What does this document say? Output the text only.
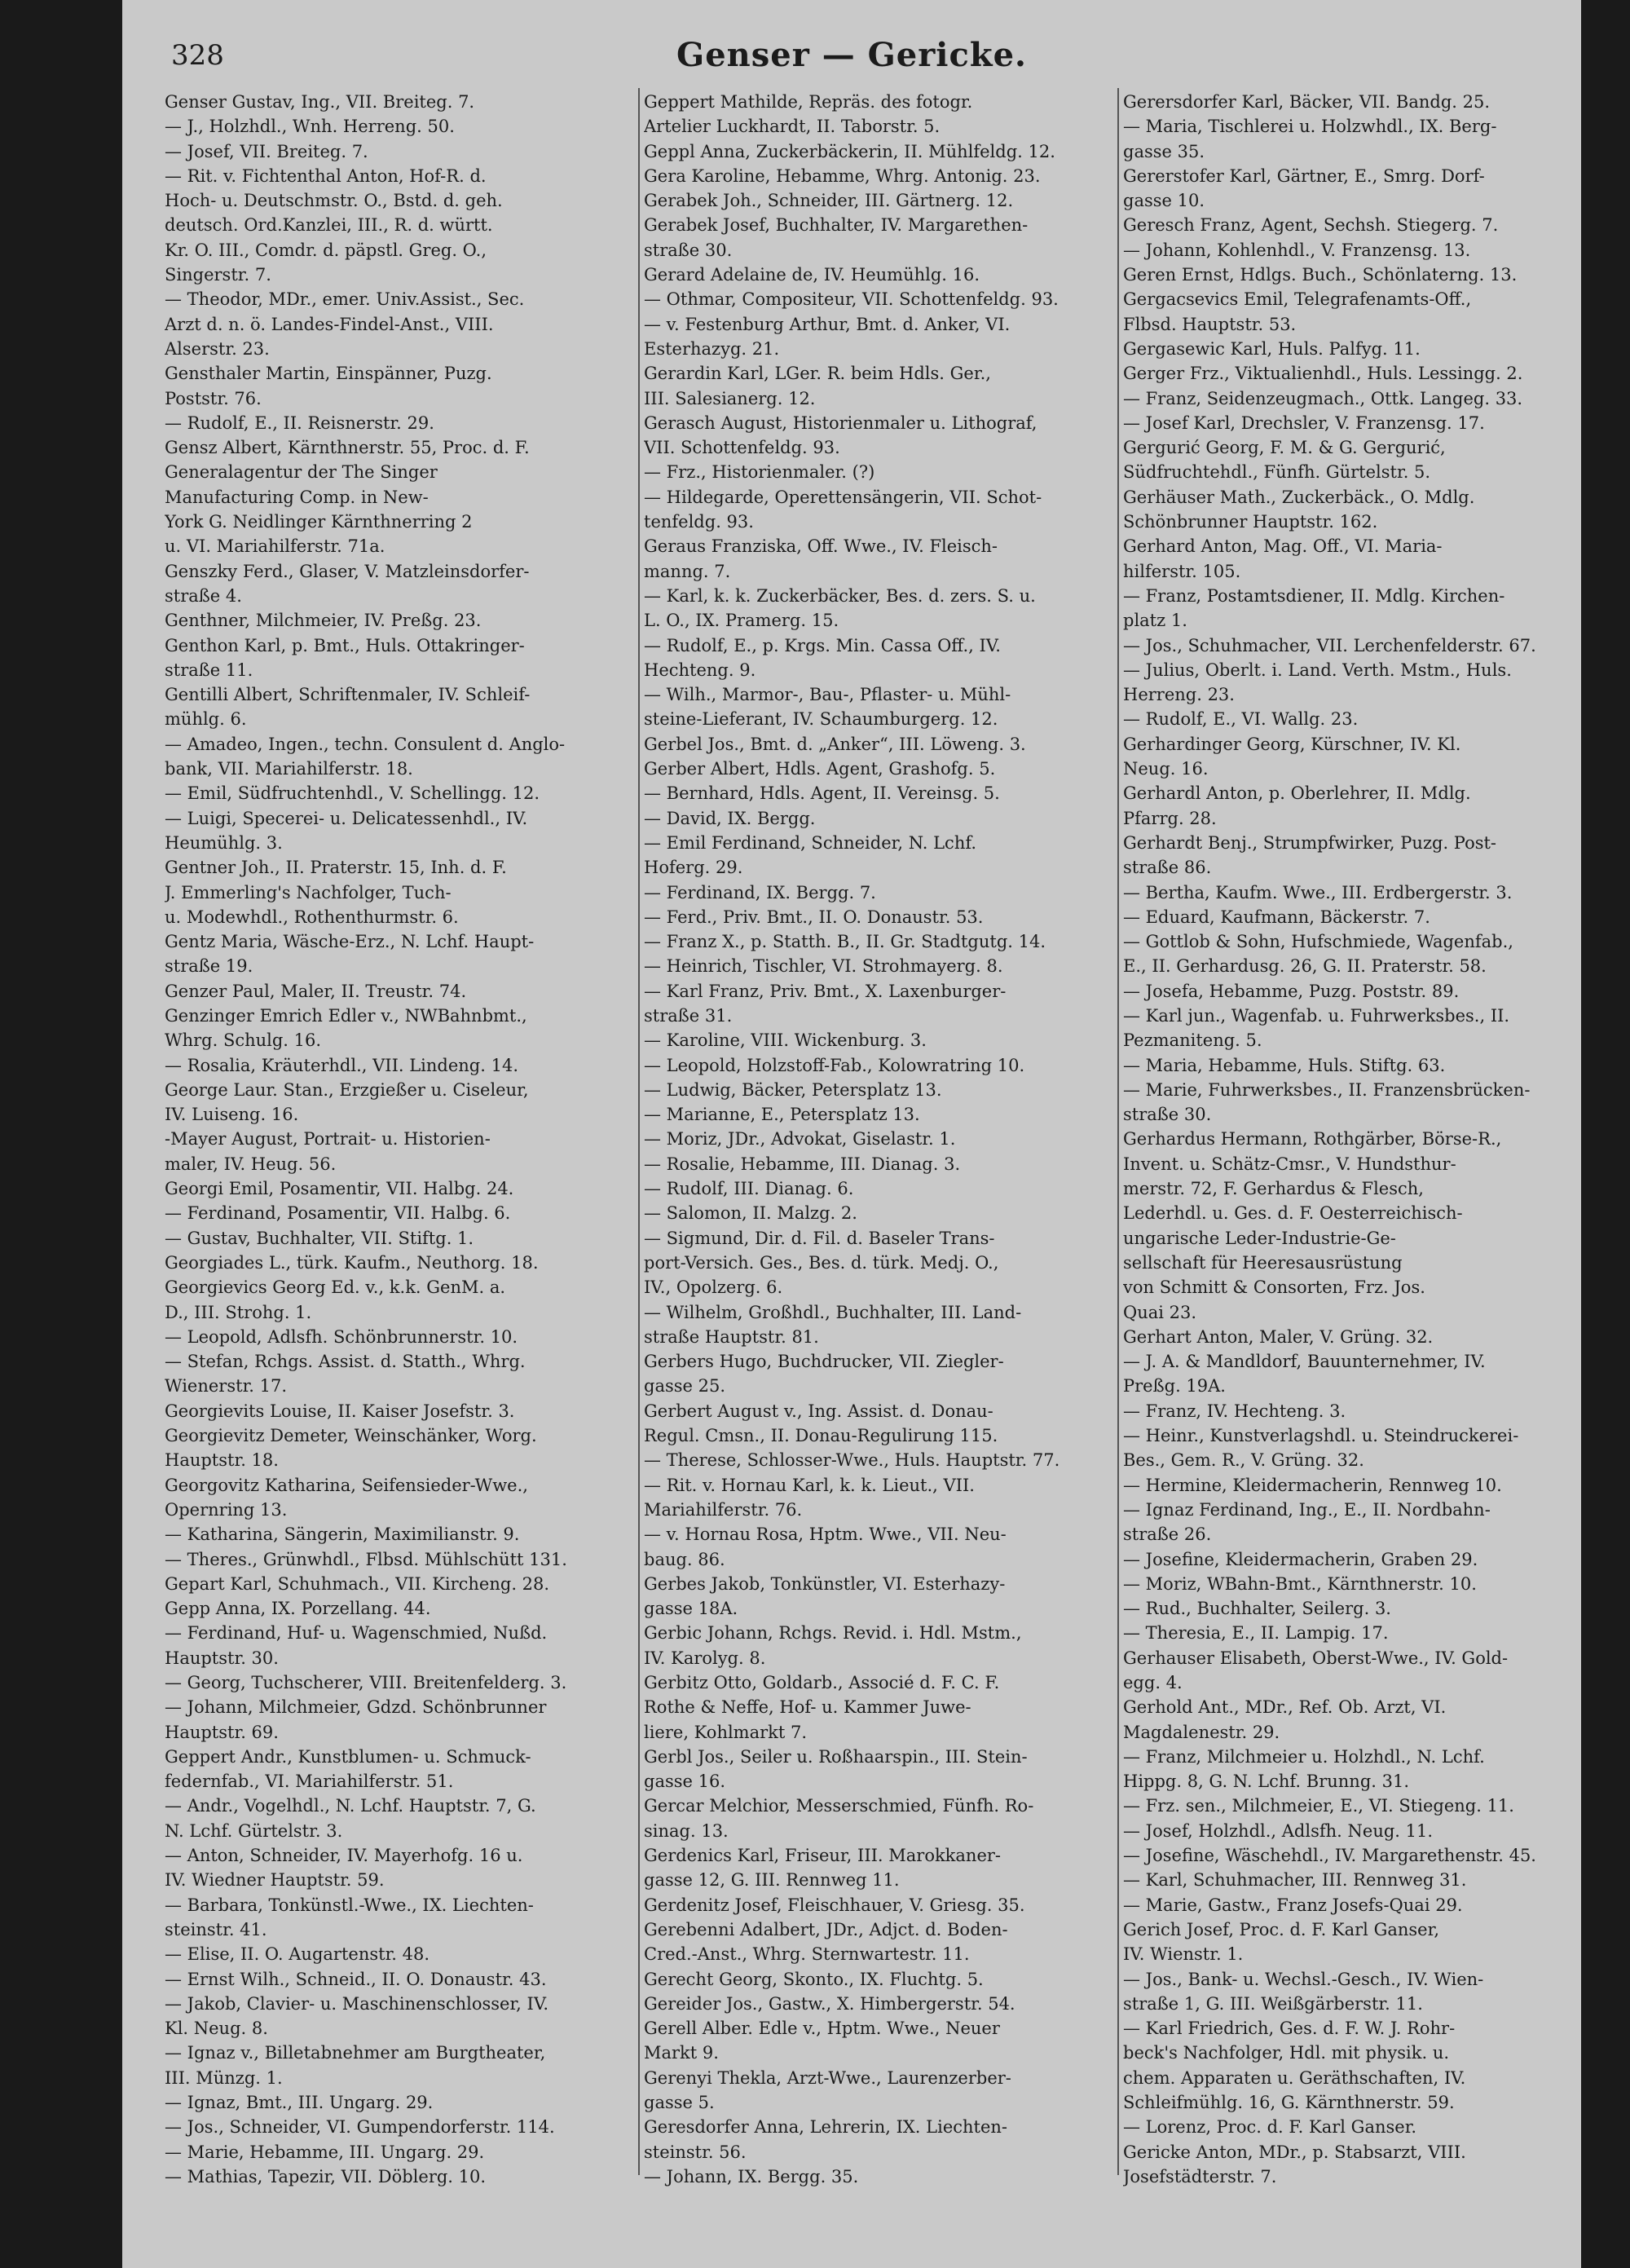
328	Genser — Gericke.
Genser Gustav, Ing., VII. Breiteg. 7.
— J., Holzhdl., Wnh. Herreng. 50.
— Josef, VII. Breiteg. 7.
— Rit. v. Fichtenthal Anton, Hof-R. d.
Hoch- u. Deutschmstr. O., Bstd. d. geh.
deutsch. Ord.Kanzlei, III., R. d. württ.
Kr. O. III., Comdr. d. päpstl. Greg. O.,
Singerstr. 7.
— Theodor, MDr., emer. Univ.Assist., Sec.
Arzt d. n. ö. Landes-Findel-Anst., VIII.
Alserstr. 23.
Gensthaler Martin, Einspänner, Puzg.
Poststr. 76.
— Rudolf, E., II. Reisnerstr. 29.
Gensz Albert, Kärnthnerstr. 55, Proc. d. F.
Generalagentur der The Singer
Manufacturing Comp. in New-
York G. Neidlinger Kärnthnerring 2
u. VI. Mariahilferstr. 71a.
Genszky Ferd., Glaser, V. Matzleinsdorfer-
straße 4.
Genthner, Milchmeier, IV. Preßg. 23.
Genthon Karl, p. Bmt., Huls. Ottakringer-
straße 11.
Gentilli Albert, Schriftenmaler, IV. Schleif-
mühlg. 6.
— Amadeo, Ingen., techn. Consulent d. Anglo-
bank, VII. Mariahilferstr. 18.
— Emil, Südfruchtenhdl., V. Schellingg. 12.
— Luigi, Specerei- u. Delicatessenhdl., IV.
Heumühlg. 3.
Gentner Joh., II. Praterstr. 15, Inh. d. F.
J. Emmerling's Nachfolger, Tuch-
u. Modewhdl., Rothenthurmstr. 6.
Gentz Maria, Wäsche-Erz., N. Lchf. Haupt-
straße 19.
Genzer Paul, Maler, II. Treustr. 74.
Genzinger Emrich Edler v., NWBahnbmt.,
Whrg. Schulg. 16.
— Rosalia, Kräuterhdl., VII. Lindeng. 14.
George Laur. Stan., Erzgießer u. Ciseleur,
IV. Luiseng. 16.
-Mayer August, Portrait- u. Historien-
maler, IV. Heug. 56.
Georgi Emil, Posamentir, VII. Halbg. 24.
— Ferdinand, Posamentir, VII. Halbg. 6.
— Gustav, Buchhalter, VII. Stiftg. 1.
Georgiades L., türk. Kaufm., Neuthorg. 18.
Georgievics Georg Ed. v., k.k. GenM. a.
D., III. Strohg. 1.
— Leopold, Adlsfh. Schönbrunnerstr. 10.
— Stefan, Rchgs. Assist. d. Statth., Whrg.
Wienerstr. 17.
Georgievits Louise, II. Kaiser Josefstr. 3.
Georgievitz Demeter, Weinschänker, Worg.
Hauptstr. 18.
Georgovitz Katharina, Seifensieder-Wwe.,
Opernring 13.
— Katharina, Sängerin, Maximilianstr. 9.
— Theres., Grünwhdl., Flbsd. Mühlschütt 131.
Gepart Karl, Schuhmach., VII. Kircheng. 28.
Gepp Anna, IX. Porzellang. 44.
— Ferdinand, Huf- u. Wagenschmied, Nußd.
Hauptstr. 30.
— Georg, Tuchscherer, VIII. Breitenfelderg. 3.
— Johann, Milchmeier, Gdzd. Schönbrunner
Hauptstr. 69.
Geppert Andr., Kunstblumen- u. Schmuck-
federnfab., VI. Mariahilferstr. 51.
— Andr., Vogelhdl., N. Lchf. Hauptstr. 7, G.
N. Lchf. Gürtelstr. 3.
— Anton, Schneider, IV. Mayerhofg. 16 u.
IV. Wiedner Hauptstr. 59.
— Barbara, Tonkünstl.-Wwe., IX. Liechten-
steinstr. 41.
— Elise, II. O. Augartenstr. 48.
— Ernst Wilh., Schneid., II. O. Donaustr. 43.
— Jakob, Clavier- u. Maschinenschlosser, IV.
Kl. Neug. 8.
— Ignaz v., Billetabnehmer am Burgtheater,
III. Münzg. 1.
— Ignaz, Bmt., III. Ungarg. 29.
— Jos., Schneider, VI. Gumpendorferstr. 114.
— Marie, Hebamme, III. Ungarg. 29.
— Mathias, Tapezir, VII. Döblerg. 10.
Geppert Mathilde, Repräs. des fotogr.
Artelier Luckhardt, II. Taborstr. 5.
Geppl Anna, Zuckerbäckerin, II. Mühlfeldg. 12.
Gera Karoline, Hebamme, Whrg. Antonig. 23.
Gerabek Joh., Schneider, III. Gärtnerg. 12.
Gerabek Josef, Buchhalter, IV. Margarethen-
straße 30.
Gerard Adelaine de, IV. Heumühlg. 16.
— Othmar, Compositeur, VII. Schottenfeldg. 93.
— v. Festenburg Arthur, Bmt. d. Anker, VI.
Esterhazyg. 21.
Gerardin Karl, LGer. R. beim Hdls. Ger.,
III. Salesianerg. 12.
Gerasch August, Historienmaler u. Lithograf,
VII. Schottenfeldg. 93.
— Frz., Historienmaler. (?)
— Hildegarde, Operettensängerin, VII. Schot-
tenfeldg. 93.
Geraus Franziska, Off. Wwe., IV. Fleisch-
manng. 7.
— Karl, k. k. Zuckerbäcker, Bes. d. zers. S. u.
L. O., IX. Pramerg. 15.
— Rudolf, E., p. Krgs. Min. Cassa Off., IV.
Hechteng. 9.
— Wilh., Marmor-, Bau-, Pflaster- u. Mühl-
steine-Lieferant, IV. Schaumburgerg. 12.
Gerbel Jos., Bmt. d. „Anker“, III. Löweng. 3.
Gerber Albert, Hdls. Agent, Grashofg. 5.
— Bernhard, Hdls. Agent, II. Vereinsg. 5.
— David, IX. Bergg.
— Emil Ferdinand, Schneider, N. Lchf.
Hoferg. 29.
— Ferdinand, IX. Bergg. 7.
— Ferd., Priv. Bmt., II. O. Donaustr. 53.
— Franz X., p. Statth. B., II. Gr. Stadtgutg. 14.
— Heinrich, Tischler, VI. Strohmayerg. 8.
— Karl Franz, Priv. Bmt., X. Laxenburger-
straße 31.
— Karoline, VIII. Wickenburg. 3.
— Leopold, Holzstoff-Fab., Kolowratring 10.
— Ludwig, Bäcker, Petersplatz 13.
— Marianne, E., Petersplatz 13.
— Moriz, JDr., Advokat, Giselastr. 1.
— Rosalie, Hebamme, III. Dianag. 3.
— Rudolf, III. Dianag. 6.
— Salomon, II. Malzg. 2.
— Sigmund, Dir. d. Fil. d. Baseler Trans-
port-Versich. Ges., Bes. d. türk. Medj. O.,
IV., Opolzerg. 6.
— Wilhelm, Großhdl., Buchhalter, III. Land-
straße Hauptstr. 81.
Gerbers Hugo, Buchdrucker, VII. Ziegler-
gasse 25.
Gerbert August v., Ing. Assist. d. Donau-
Regul. Cmsn., II. Donau-Regulirung 115.
— Therese, Schlosser-Wwe., Huls. Hauptstr. 77.
— Rit. v. Hornau Karl, k. k. Lieut., VII.
Mariahilferstr. 76.
— v. Hornau Rosa, Hptm. Wwe., VII. Neu-
baug. 86.
Gerbes Jakob, Tonkünstler, VI. Esterhazy-
gasse 18A.
Gerbic Johann, Rchgs. Revid. i. Hdl. Mstm.,
IV. Karolyg. 8.
Gerbitz Otto, Goldarb., Associé d. F. C. F.
Rothe & Neffe, Hof- u. Kammer Juwe-
liere, Kohlmarkt 7.
Gerbl Jos., Seiler u. Roßhaarspin., III. Stein-
gasse 16.
Gercar Melchior, Messerschmied, Fünfh. Ro-
sinag. 13.
Gerdenics Karl, Friseur, III. Marokkaner-
gasse 12, G. III. Rennweg 11.
Gerdenitz Josef, Fleischhauer, V. Griesg. 35.
Gerebenni Adalbert, JDr., Adjct. d. Boden-
Cred.-Anst., Whrg. Sternwartestr. 11.
Gerecht Georg, Skonto., IX. Fluchtg. 5.
Gereider Jos., Gastw., X. Himbergerstr. 54.
Gerell Alber. Edle v., Hptm. Wwe., Neuer
Markt 9.
Gerenyi Thekla, Arzt-Wwe., Laurenzerber-
gasse 5.
Geresdorfer Anna, Lehrerin, IX. Liechten-
steinstr. 56.
— Johann, IX. Bergg. 35.
Gerersdorfer Karl, Bäcker, VII. Bandg. 25.
— Maria, Tischlerei u. Holzwhdl., IX. Berg-
gasse 35.
Gererstofer Karl, Gärtner, E., Smrg. Dorf-
gasse 10.
Geresch Franz, Agent, Sechsh. Stiegerg. 7.
— Johann, Kohlenhdl., V. Franzensg. 13.
Geren Ernst, Hdlgs. Buch., Schönlaterng. 13.
Gergacsevics Emil, Telegrafenamts-Off.,
Flbsd. Hauptstr. 53.
Gergasewic Karl, Huls. Palfyg. 11.
Gerger Frz., Viktualienhdl., Huls. Lessingg. 2.
— Franz, Seidenzeugmach., Ottk. Langeg. 33.
— Josef Karl, Drechsler, V. Franzensg. 17.
Gergurić Georg, F. M. & G. Gergurić,
Südfruchtehdl., Fünfh. Gürtelstr. 5.
Gerhäuser Math., Zuckerbäck., O. Mdlg.
Schönbrunner Hauptstr. 162.
Gerhard Anton, Mag. Off., VI. Maria-
hilferstr. 105.
— Franz, Postamtsdiener, II. Mdlg. Kirchen-
platz 1.
— Jos., Schuhmacher, VII. Lerchenfelderstr. 67.
— Julius, Oberlt. i. Land. Verth. Mstm., Huls.
Herreng. 23.
— Rudolf, E., VI. Wallg. 23.
Gerhardinger Georg, Kürschner, IV. Kl.
Neug. 16.
Gerhardl Anton, p. Oberlehrer, II. Mdlg.
Pfarrg. 28.
Gerhardt Benj., Strumpfwirker, Puzg. Post-
straße 86.
— Bertha, Kaufm. Wwe., III. Erdbergerstr. 3.
— Eduard, Kaufmann, Bäckerstr. 7.
— Gottlob & Sohn, Hufschmiede, Wagenfab.,
E., II. Gerhardusg. 26, G. II. Praterstr. 58.
— Josefa, Hebamme, Puzg. Poststr. 89.
— Karl jun., Wagenfab. u. Fuhrwerksbes., II.
Pezmaniteng. 5.
— Maria, Hebamme, Huls. Stiftg. 63.
— Marie, Fuhrwerksbes., II. Franzensbrücken-
straße 30.
Gerhardus Hermann, Rothgärber, Börse-R.,
Invent. u. Schätz-Cmsr., V. Hundsthur-
merstr. 72, F. Gerhardus & Flesch,
Lederhdl. u. Ges. d. F. Oesterreichisch-
ungarische Leder-Industrie-Ge-
sellschaft für Heeresausrüstung
von Schmitt & Consorten, Frz. Jos.
Quai 23.
Gerhart Anton, Maler, V. Grüng. 32.
— J. A. & Mandldorf, Bauunternehmer, IV.
Preßg. 19A.
— Franz, IV. Hechteng. 3.
— Heinr., Kunstverlagshdl. u. Steindruckerei-
Bes., Gem. R., V. Grüng. 32.
— Hermine, Kleidermacherin, Rennweg 10.
— Ignaz Ferdinand, Ing., E., II. Nordbahn-
straße 26.
— Josefine, Kleidermacherin, Graben 29.
— Moriz, WBahn-Bmt., Kärnthnerstr. 10.
— Rud., Buchhalter, Seilerg. 3.
— Theresia, E., II. Lampig. 17.
Gerhauser Elisabeth, Oberst-Wwe., IV. Gold-
egg. 4.
Gerhold Ant., MDr., Ref. Ob. Arzt, VI.
Magdalenestr. 29.
— Franz, Milchmeier u. Holzhdl., N. Lchf.
Hippg. 8, G. N. Lchf. Brunng. 31.
— Frz. sen., Milchmeier, E., VI. Stiegeng. 11.
— Josef, Holzhdl., Adlsfh. Neug. 11.
— Josefine, Wäschehdl., IV. Margarethenstr. 45.
— Karl, Schuhmacher, III. Rennweg 31.
— Marie, Gastw., Franz Josefs-Quai 29.
Gerich Josef, Proc. d. F. Karl Ganser,
IV. Wienstr. 1.
— Jos., Bank- u. Wechsl.-Gesch., IV. Wien-
straße 1, G. III. Weißgärberstr. 11.
— Karl Friedrich, Ges. d. F. W. J. Rohr-
beck's Nachfolger, Hdl. mit physik. u.
chem. Apparaten u. Geräthschaften, IV.
Schleifmühlg. 16, G. Kärnthnerstr. 59.
— Lorenz, Proc. d. F. Karl Ganser.
Gericke Anton, MDr., p. Stabsarzt, VIII.
Josefstädterstr. 7.
